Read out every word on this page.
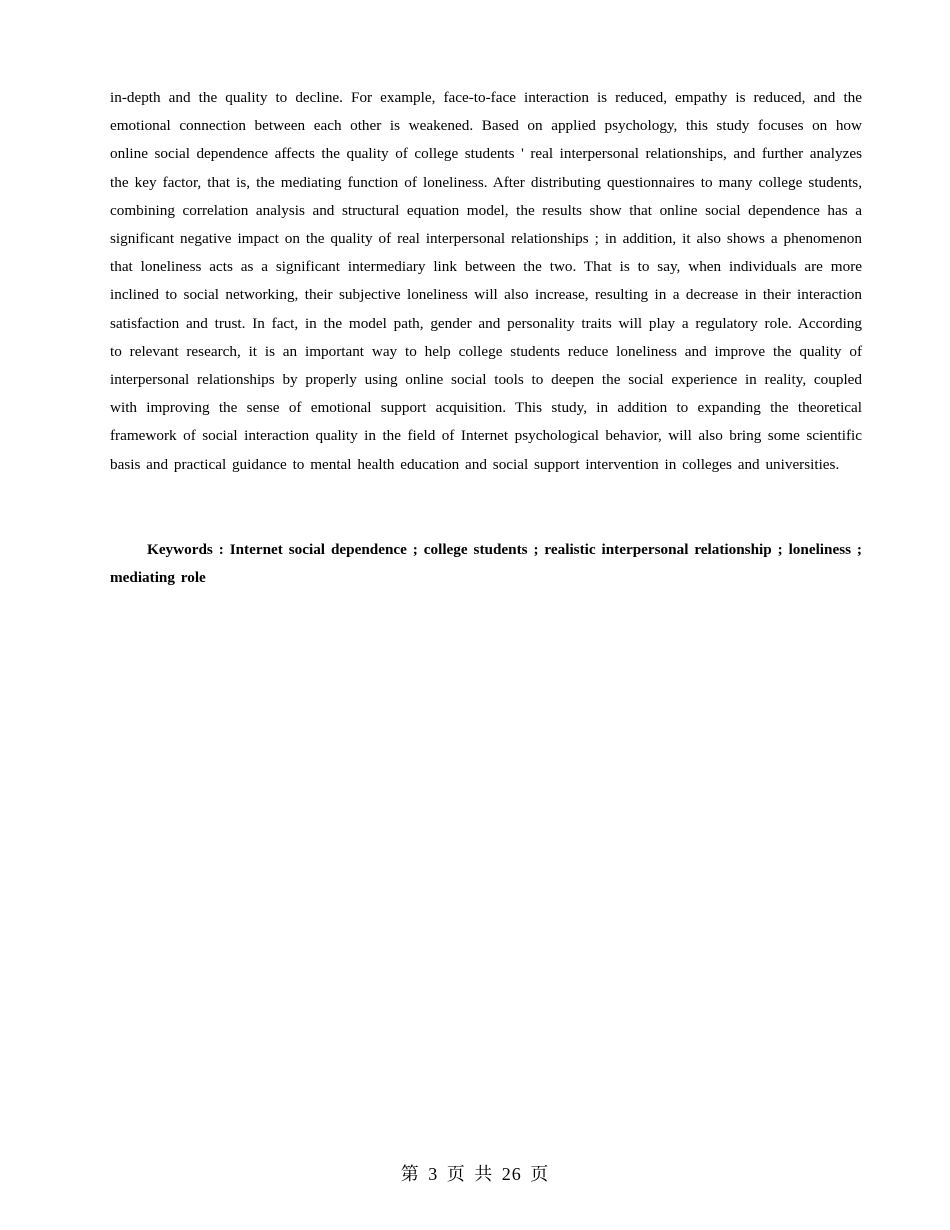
in-depth and the quality to decline. For example, face-to-face interaction is reduced, empathy is reduced, and the emotional connection between each other is weakened. Based on applied psychology, this study focuses on how online social dependence affects the quality of college students ' real interpersonal relationships, and further analyzes the key factor, that is, the mediating function of loneliness. After distributing questionnaires to many college students, combining correlation analysis and structural equation model, the results show that online social dependence has a significant negative impact on the quality of real interpersonal relationships ; in addition, it also shows a phenomenon that loneliness acts as a significant intermediary link between the two. That is to say, when individuals are more inclined to social networking, their subjective loneliness will also increase, resulting in a decrease in their interaction satisfaction and trust. In fact, in the model path, gender and personality traits will play a regulatory role. According to relevant research, it is an important way to help college students reduce loneliness and improve the quality of interpersonal relationships by properly using online social tools to deepen the social experience in reality, coupled with improving the sense of emotional support acquisition. This study, in addition to expanding the theoretical framework of social interaction quality in the field of Internet psychological behavior, will also bring some scientific basis and practical guidance to mental health education and social support intervention in colleges and universities.

Keywords : Internet social dependence ; college students ; realistic interpersonal relationship ; loneliness ; mediating role

第 3 页 共 26 页
